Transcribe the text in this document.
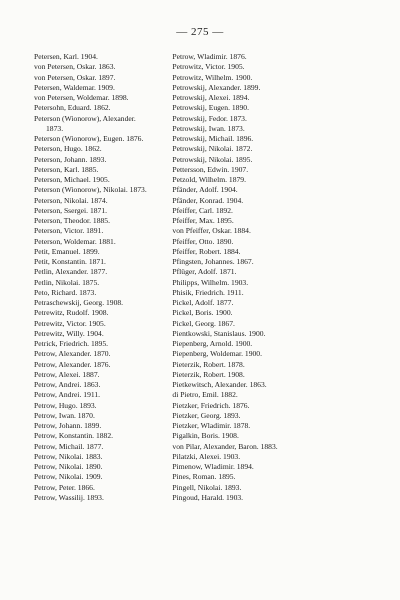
— 275 —
Petersen, Karl. 1904.
von Petersen, Oskar. 1863.
von Petersen, Oskar. 1897.
Petersen, Waldemar. 1909.
von Petersen, Woldemar. 1898.
Petersohn, Eduard. 1862.
Peterson (Wionorow), Alexander.
1873.
Peterson (Wionorow), Eugen. 1876.
Peterson, Hugo. 1862.
Peterson, Johann. 1893.
Peterson, Karl. 1885.
Peterson, Michael. 1905.
Peterson (Wionorow), Nikolai. 1873.
Peterson, Nikolai. 1874.
Peterson, Ssergei. 1871.
Peterson, Theodor. 1885.
Peterson, Victor. 1891.
Peterson, Woldemar. 1881.
Petit, Emanuel. 1899.
Petit, Konstantin. 1871.
Petlin, Alexander. 1877.
Petlin, Nikolai. 1875.
Peto, Richard. 1873.
Petraschewskij, Georg. 1908.
Petrewitz, Rudolf. 1908.
Petrewitz, Victor. 1905.
Petrewitz, Willy. 1904.
Petrick, Friedrich. 1895.
Petrow, Alexander. 1870.
Petrow, Alexander. 1876.
Petrow, Alexei. 1887.
Petrow, Andrei. 1863.
Petrow, Andrei. 1911.
Petrow, Hugo. 1893.
Petrow, Iwan. 1870.
Petrow, Johann. 1899.
Petrow, Konstantin. 1882.
Petrow, Michail. 1877.
Petrow, Nikolai. 1883.
Petrow, Nikolai. 1890.
Petrow, Nikolai. 1909.
Petrow, Peter. 1866.
Petrow, Wassilij. 1893.
Petrow, Wladimir. 1876.
Petrowitz, Victor. 1905.
Petrowitz, Wilhelm. 1900.
Petrowskij, Alexander. 1899.
Petrowskij, Alexei. 1894.
Petrowskij, Eugen. 1890.
Petrowskij, Fedor. 1873.
Petrowskij, Iwan. 1873.
Petrowskij, Michail. 1896.
Petrowskij, Nikolai. 1872.
Petrowskij, Nikolai. 1895.
Pettersson, Edwin. 1907.
Petzold, Wilhelm. 1879.
Pfänder, Adolf. 1904.
Pfänder, Konrad. 1904.
Pfeiffer, Carl. 1892.
Pfeiffer, Max. 1895.
von Pfeiffer, Oskar. 1884.
Pfeiffer, Otto. 1890.
Pfeiffer, Robert. 1884.
Pfingsten, Johannes. 1867.
Pflüger, Adolf. 1871.
Philipps, Wilhelm. 1903.
Phisik, Friedrich. 1911.
Pickel, Adolf. 1877.
Pickel, Boris. 1900.
Pickel, Georg. 1867.
Pientkowski, Stanislaus. 1900.
Piepenberg, Arnold. 1900.
Piepenberg, Woldemar. 1900.
Pieterzik, Robert. 1878.
Pieterzik, Robert. 1908.
Pietkewitsch, Alexander. 1863.
di Pietro, Emil. 1882.
Pietzker, Friedrich. 1876.
Pietzker, Georg. 1893.
Pietzker, Wladimir. 1878.
Pigalkin, Boris. 1908.
von Pilar, Alexander, Baron. 1883.
Pilatzki, Alexei. 1903.
Pimenow, Wladimir. 1894.
Pines, Roman. 1895.
Pingell, Nikolai. 1893.
Pingoud, Harald. 1903.
